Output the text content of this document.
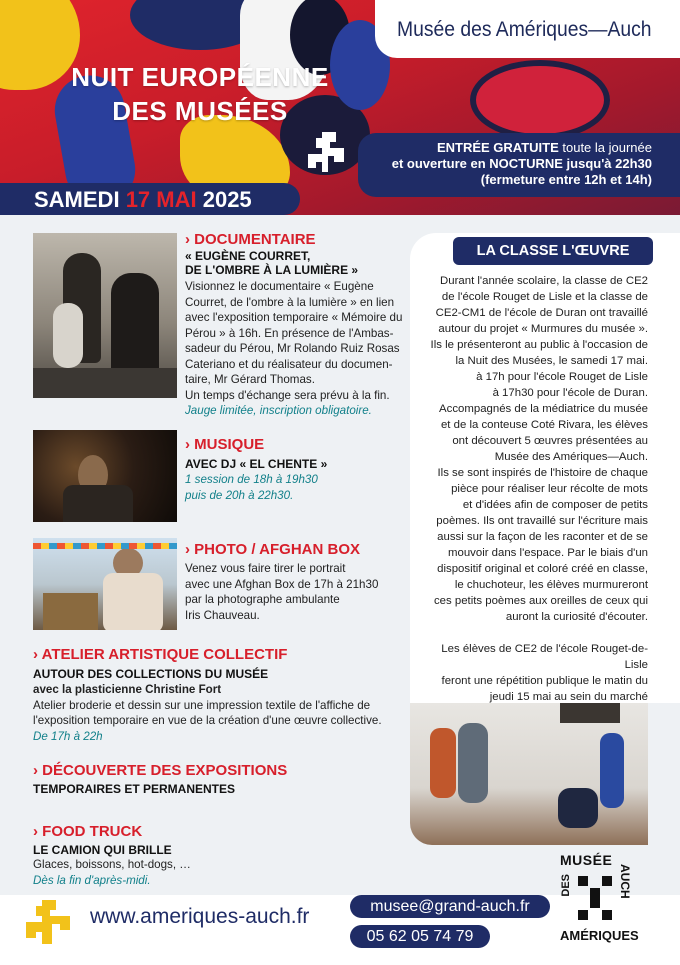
Musée des Amériques—Auch
NUIT EUROPÉENNE
DES MUSÉES
ENTRÉE GRATUITE toute la journée
et ouverture en NOCTURNE jusqu'à 22h30
(fermeture entre 12h et 14h)
SAMEDI 17 MAI 2025
› DOCUMENTAIRE
« EUGÈNE COURRET,
DE L'OMBRE À LA LUMIÈRE »
Visionnez le documentaire « Eugène
Courret, de l'ombre à la lumière » en lien
avec l'exposition temporaire « Mémoire du
Pérou » à 16h. En présence de l'Ambas-
sadeur du Pérou, Mr Rolando Ruiz Rosas
Cateriano et du réalisateur du documen-
taire, Mr Gérard Thomas.
Un temps d'échange sera prévu à la fin.
Jauge limitée, inscription obligatoire.
› MUSIQUE
AVEC DJ « EL CHENTE »
1 session de 18h à 19h30
puis de 20h à 22h30.
› PHOTO / AFGHAN BOX
Venez vous faire tirer le portrait
avec une Afghan Box de 17h à 21h30
par la photographe ambulante
Iris Chauveau.
› ATELIER ARTISTIQUE COLLECTIF
AUTOUR DES COLLECTIONS DU MUSÉE
avec la plasticienne Christine Fort
Atelier broderie et dessin sur une impression textile de l'affiche de
l'exposition temporaire en vue de la création d'une œuvre collective.
De 17h à 22h
› DÉCOUVERTE DES EXPOSITIONS
TEMPORAIRES ET PERMANENTES
› FOOD TRUCK
LE CAMION QUI BRILLE
Glaces, boissons, hot-dogs, …
Dès la fin d'après-midi.
LA CLASSE L'ŒUVRE
Durant l'année scolaire, la classe de CE2
de l'école Rouget de Lisle et la classe de
CE2-CM1 de l'école de Duran ont travaillé
autour du projet « Murmures du musée ».
Ils le présenteront au public à l'occasion de
la Nuit des Musées, le samedi 17 mai.
à 17h pour l'école Rouget de Lisle
à 17h30 pour l'école de Duran.
Accompagnés de la médiatrice du musée
et de la conteuse Coté Rivara, les élèves
ont découvert 5 œuvres présentées au
Musée des Amériques—Auch.
Ils se sont inspirés de l'histoire de chaque
pièce pour réaliser leur récolte de mots
et d'idées afin de composer de petits
poèmes. Ils ont travaillé sur l'écriture mais
aussi sur la façon de les raconter et de se
mouvoir dans l'espace. Par le biais d'un
dispositif original et coloré créé en classe,
le chuchoteur, les élèves murmureront
ces petits poèmes aux oreilles de ceux qui
auront la curiosité d'écouter.
Les élèves de CE2 de l'école Rouget-de-Lisle
feront une répétition publique le matin du
jeudi 15 mai au sein du marché
www.ameriques-auch.fr	musee@grand-auch.fr
05 62 05 74 79
MUSÉE
AUCH
DES
AMÉRIQUES
